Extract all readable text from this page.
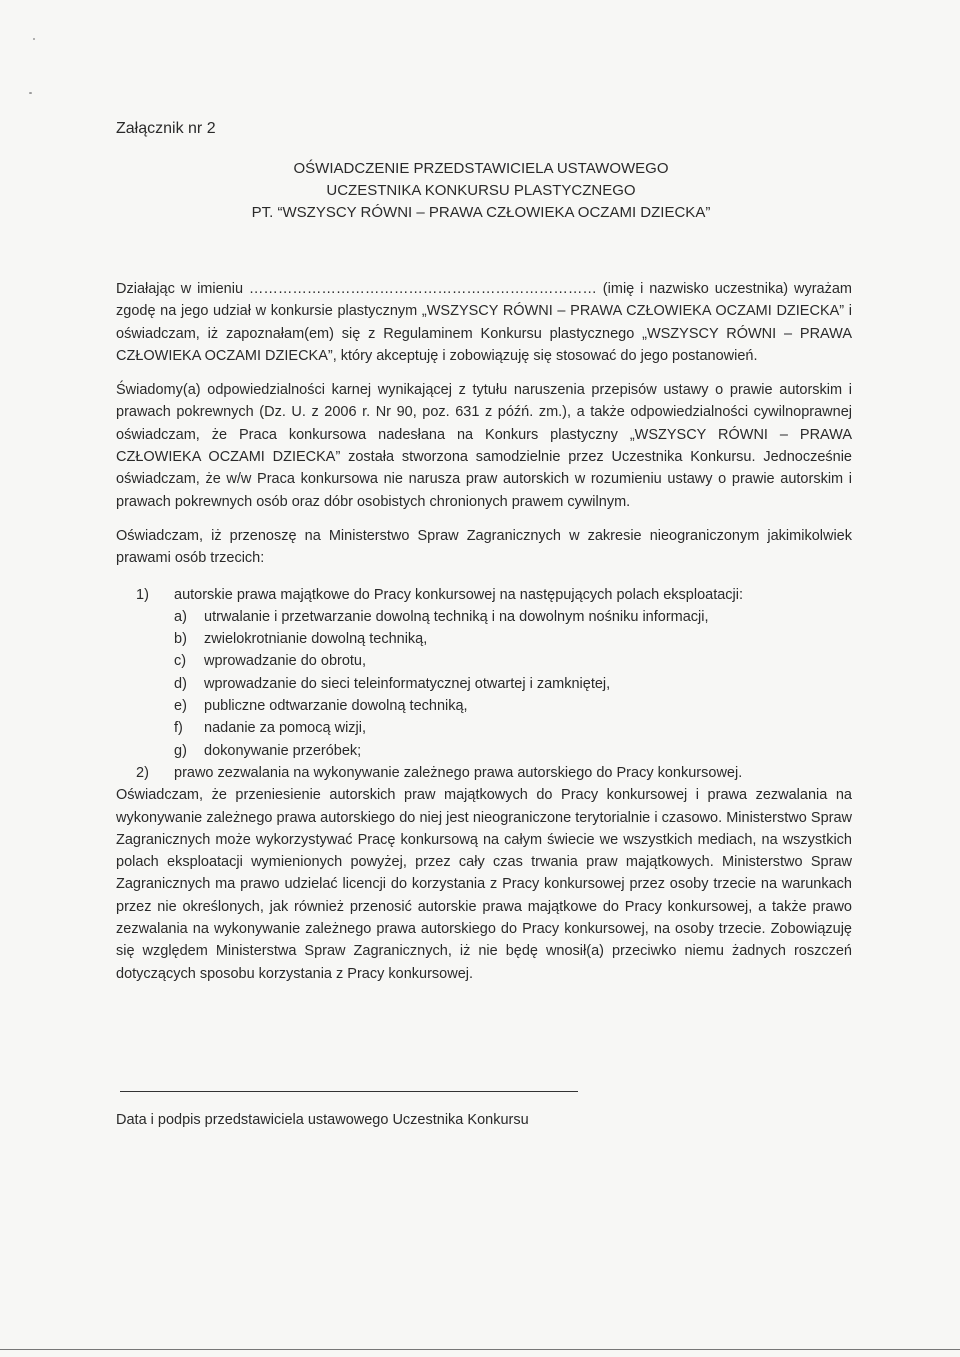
Załącznik nr 2
OŚWIADCZENIE PRZEDSTAWICIELA USTAWOWEGO
UCZESTNIKA KONKURSU PLASTYCZNEGO
PT. “WSZYSCY RÓWNI – PRAWA CZŁOWIEKA OCZAMI DZIECKA”

Działając w imieniu ……………………………………………………………… (imię i nazwisko uczestnika) wyrażam zgodę na jego udział w konkursie plastycznym „WSZYSCY RÓWNI – PRAWA CZŁOWIEKA OCZAMI DZIECKA” i oświadczam, iż zapoznałam(em) się z Regulaminem Konkursu plastycznego „WSZYSCY RÓWNI – PRAWA CZŁOWIEKA OCZAMI DZIECKA”, który akceptuję i zobowiązuję się stosować do jego postanowień.

Świadomy(a) odpowiedzialności karnej wynikającej z tytułu naruszenia przepisów ustawy o prawie autorskim i prawach pokrewnych (Dz. U. z 2006 r. Nr 90, poz. 631 z późń. zm.), a także odpowiedzialności cywilnoprawnej oświadczam, że Praca konkursowa nadesłana na Konkurs plastyczny „WSZYSCY RÓWNI – PRAWA CZŁOWIEKA OCZAMI DZIECKA” została stworzona samodzielnie przez Uczestnika Konkursu. Jednocześnie oświadczam, że w/w Praca konkursowa nie narusza praw autorskich w rozumieniu ustawy o prawie autorskim i prawach pokrewnych osób oraz dóbr osobistych chronionych prawem cywilnym.

Oświadczam, iż przenoszę na Ministerstwo Spraw Zagranicznych w zakresie nieograniczonym jakimikolwiek prawami osób trzecich:

1) autorskie prawa majątkowe do Pracy konkursowej na następujących polach eksploatacji:
a) utrwalanie i przetwarzanie dowolną techniką i na dowolnym nośniku informacji,
b) zwielokrotnianie dowolną techniką,
c) wprowadzanie do obrotu,
d) wprowadzanie do sieci teleinformatycznej otwartej i zamkniętej,
e) publiczne odtwarzanie dowolną techniką,
f) nadanie za pomocą wizji,
g) dokonywanie przeróbek;
2) prawo zezwalania na wykonywanie zależnego prawa autorskiego do Pracy konkursowej.

Oświadczam, że przeniesienie autorskich praw majątkowych do Pracy konkursowej i prawa zezwalania na wykonywanie zależnego prawa autorskiego do niej jest nieograniczone terytorialnie i czasowo. Ministerstwo Spraw Zagranicznych może wykorzystywać Pracę konkursową na całym świecie we wszystkich mediach, na wszystkich polach eksploatacji wymienionych powyżej, przez cały czas trwania praw majątkowych. Ministerstwo Spraw Zagranicznych ma prawo udzielać licencji do korzystania z Pracy konkursowej przez osoby trzecie na warunkach przez nie określonych, jak również przenosić autorskie prawa majątkowe do Pracy konkursowej, a także prawo zezwalania na wykonywanie zależnego prawa autorskiego do Pracy konkursowej, na osoby trzecie. Zobowiązuję się względem Ministerstwa Spraw Zagranicznych, iż nie będę wnosił(a) przeciwko niemu żadnych roszczeń dotyczących sposobu korzystania z Pracy konkursowej.

Data i podpis przedstawiciela ustawowego Uczestnika Konkursu
